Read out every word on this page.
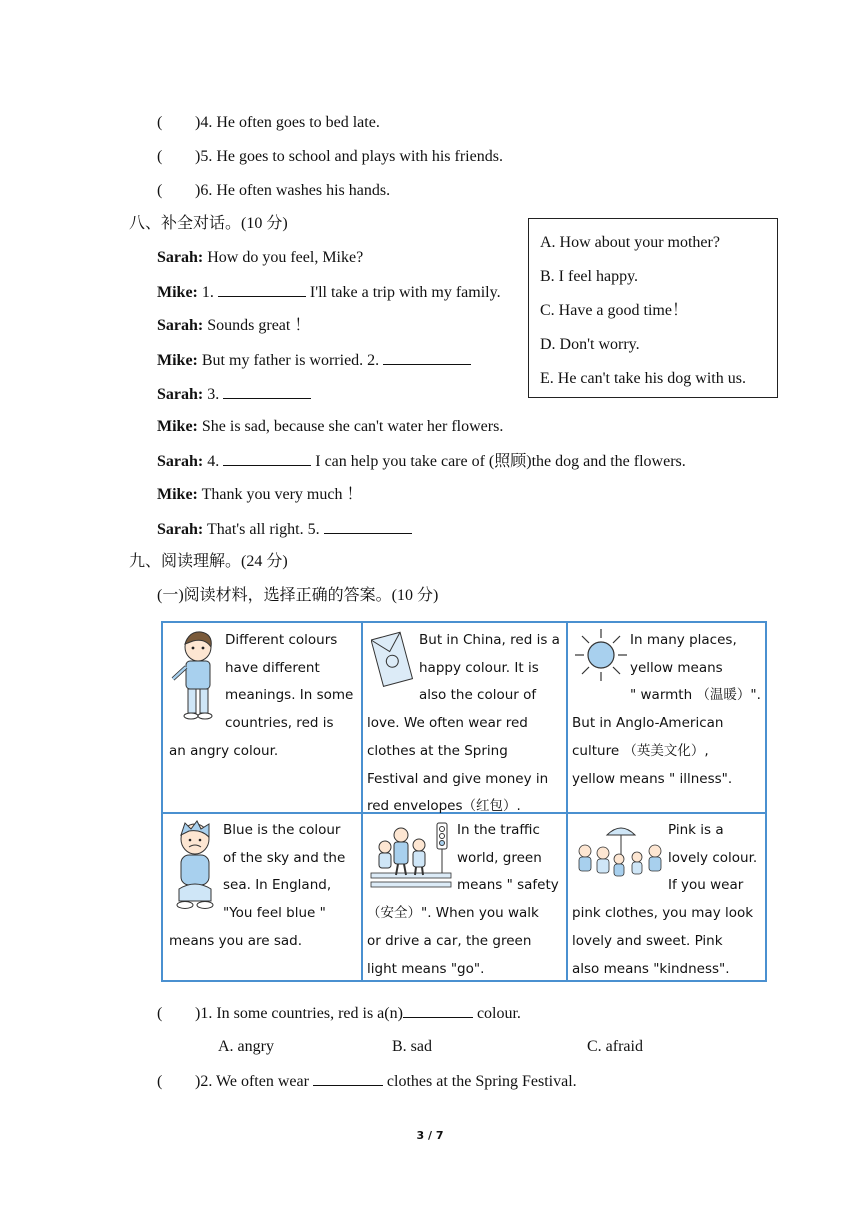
( )4. He often goes to bed late.
( )5. He goes to school and plays with his friends.
( )6. He often washes his hands.
八、补全对话。(10 分)
Sarah: How do you feel, Mike?
Mike: 1.	I'll take a trip with my family.
Sarah: Sounds great ！
Mike: But my father is worried. 2.
Sarah: 3.
Mike: She is sad, because she can't water her flowers.
Sarah: 4.	I can help you take care of (照顾)the dog and the flowers.
Mike: Thank you very much ！
Sarah: That's all right. 5.
A. How about your mother?
B. I feel happy.
C. Have a good time！
D. Don't worry.
E. He can't take his dog with us.
九、阅读理解。(24 分)
(一)阅读材料，选择正确的答案。(10 分)
Different colours
have different
meanings. In some
countries, red is
an angry colour.
But in China, red is a
happy colour. It is
also the colour of
love. We often wear red
clothes at the Spring
Festival and give money in
red envelopes（红包）.
In many places,
yellow means
" warmth （温暖）".
But in Anglo-American
culture （英美文化）,
yellow means " illness".
Blue is the colour
of the sky and the
sea. In England,
"You feel blue "
means you are sad.
In the traffic
world, green
means " safety
（安全）". When you walk
or drive a car, the green
light means "go".
Pink is a
lovely colour.
If you wear
pink clothes, you may look
lovely and sweet. Pink
also means "kindness".
( )1. In some countries, red is a(n)	colour.
A. angry	B. sad	C. afraid
( )2. We often wear	clothes at the Spring Festival.
3 / 7
